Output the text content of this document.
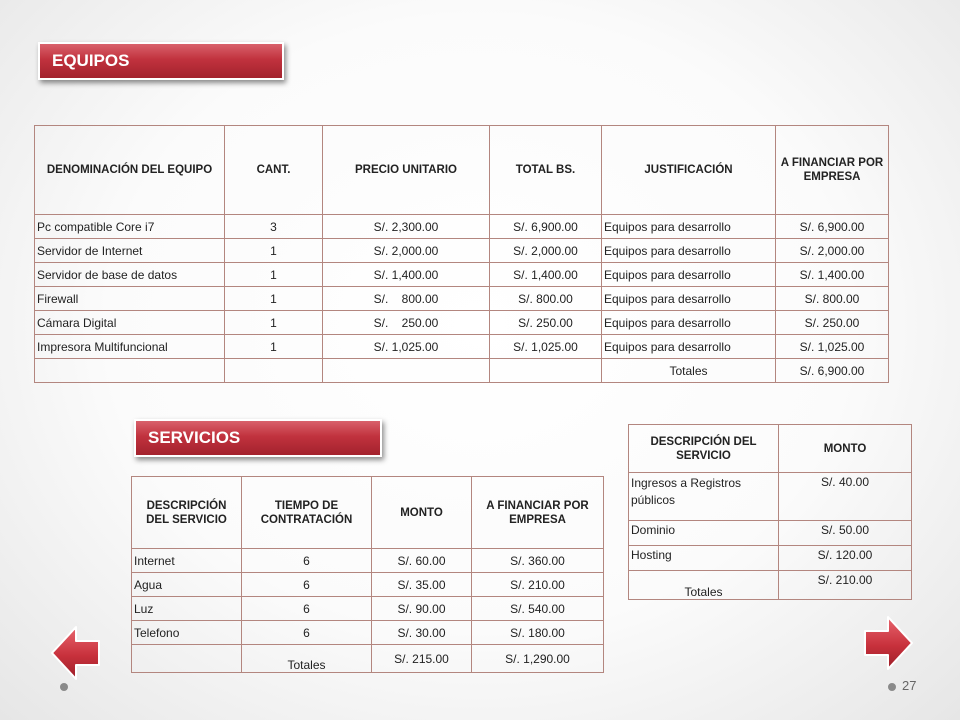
EQUIPOS
DENOMINACIÓN DEL EQUIPO	CANT.	PRECIO UNITARIO	TOTAL BS.	JUSTIFICACIÓN	A FINANCIAR POR EMPRESA
Pc compatible Core i7	3	S/. 2,300.00	S/. 6,900.00	Equipos para desarrollo	S/. 6,900.00
Servidor de Internet	1	S/. 2,000.00	S/. 2,000.00	Equipos para desarrollo	S/. 2,000.00
Servidor de base de datos	1	S/. 1,400.00	S/. 1,400.00	Equipos para desarrollo	S/. 1,400.00
Firewall	1	S/.    800.00	S/. 800.00	Equipos para desarrollo	S/. 800.00
Cámara Digital	1	S/.    250.00	S/. 250.00	Equipos para desarrollo	S/. 250.00
Impresora Multifuncional	1	S/. 1,025.00	S/. 1,025.00	Equipos para desarrollo	S/. 1,025.00
				Totales	S/. 6,900.00
SERVICIOS
DESCRIPCIÓN DEL SERVICIO	TIEMPO DE CONTRATACIÓN	MONTO	A FINANCIAR POR EMPRESA
Internet	6	S/. 60.00	S/. 360.00
Agua	6	S/. 35.00	S/. 210.00
Luz	6	S/. 90.00	S/. 540.00
Telefono	6	S/. 30.00	S/. 180.00
	Totales	S/. 215.00	S/. 1,290.00
DESCRIPCIÓN DEL SERVICIO	MONTO
Ingresos a Registros públicos	S/. 40.00
Dominio	S/. 50.00
Hosting	S/. 120.00
Totales	S/. 210.00
27
